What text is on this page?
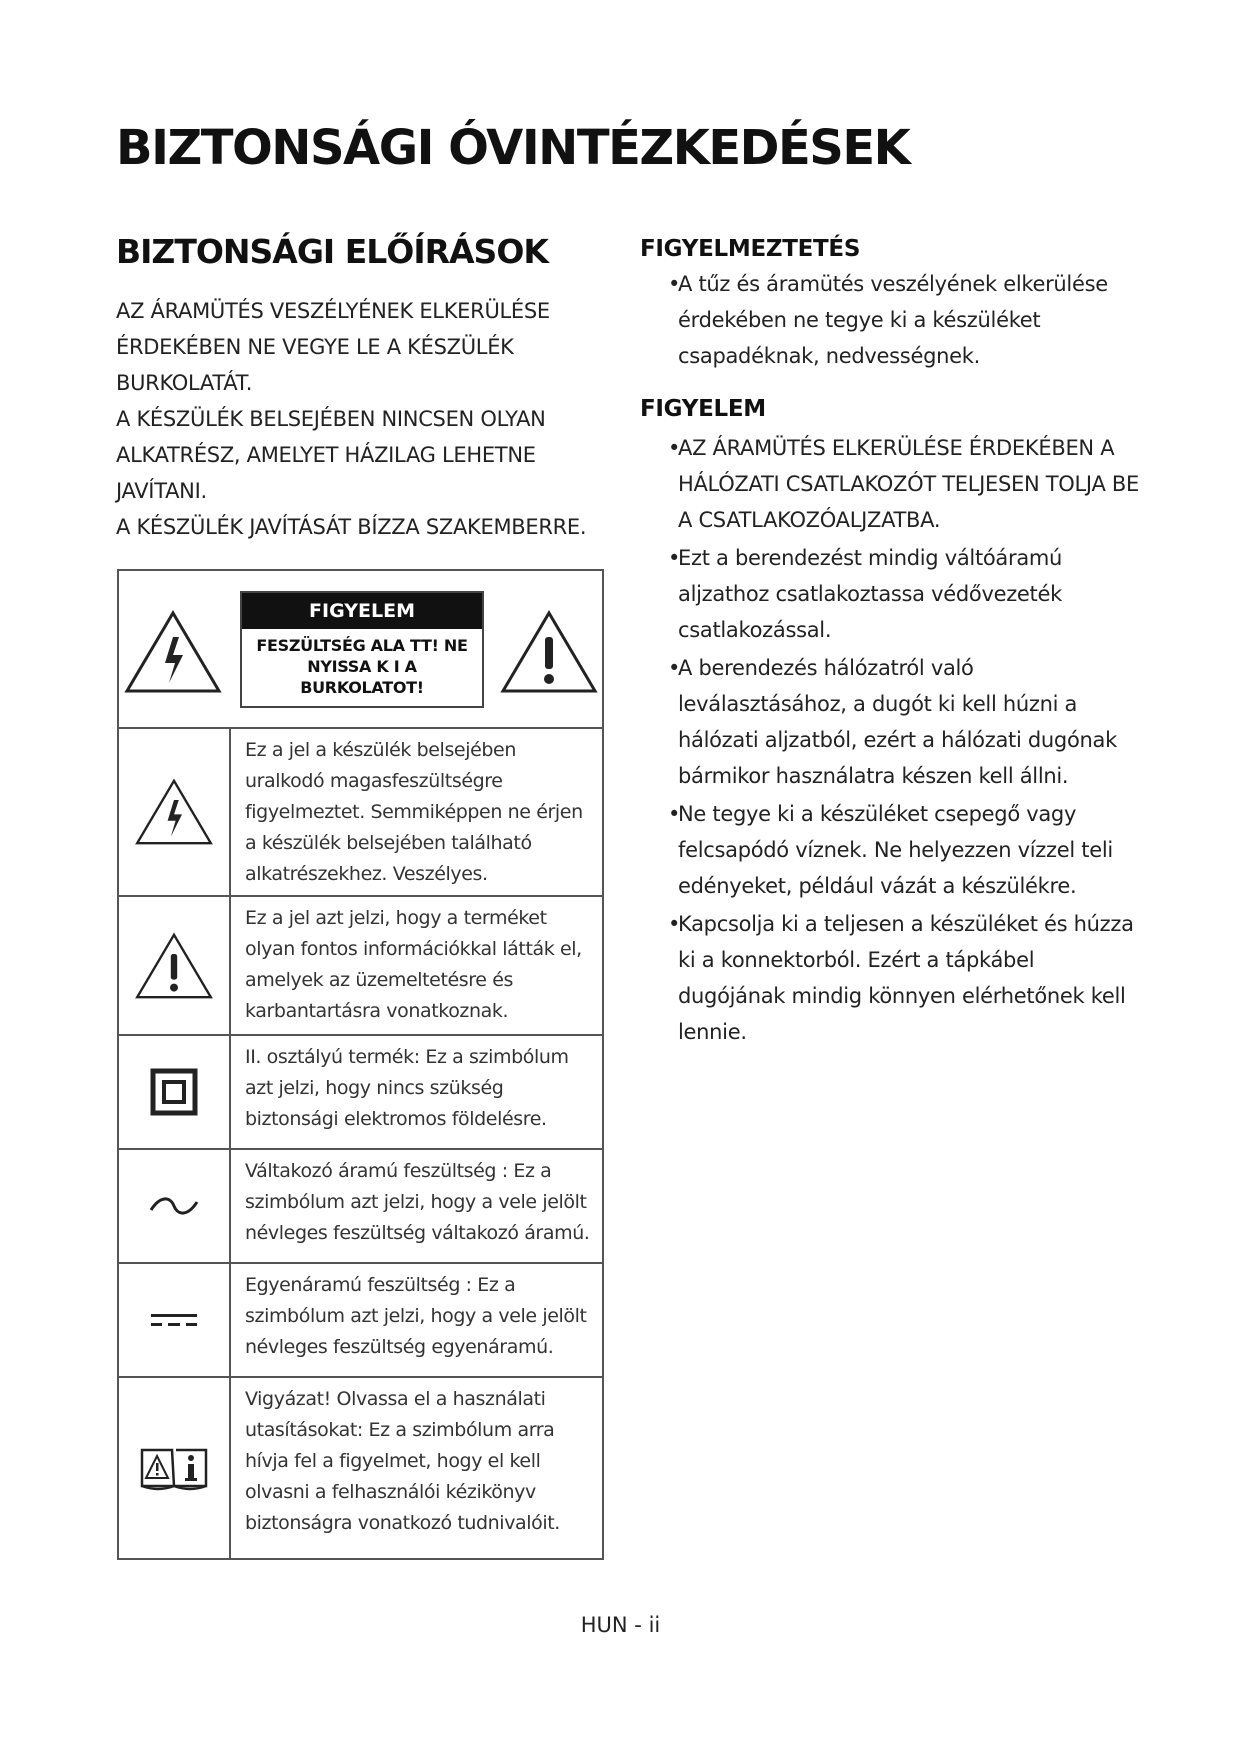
BIZTONSÁGI ÓVINTÉZKEDÉSEK
BIZTONSÁGI ELŐÍRÁSOK

AZ ÁRAMÜTÉS VESZÉLYÉNEK ELKERÜLÉSE ÉRDEKÉBEN NE VEGYE LE A KÉSZÜLÉK BURKOLATÁT.

A KÉSZÜLÉK BELSEJÉBEN NINCSEN OLYAN ALKATRÉSZ, AMELYET HÁZILAG LEHETNE JAVÍTANI.

A KÉSZÜLÉK JAVÍTÁSÁT BÍZZA SZAKEMBERRE.

FIGYELEM
FESZÜLTSÉG ALA TT! NE NYISSA K I A BURKOLATOT!
Ez a jel a készülék belsejében uralkodó magasfeszültségre figyelmeztet. Semmiképpen ne érjen a készülék belsejében található alkatrészekhez. Veszélyes.
Ez a jel azt jelzi, hogy a terméket olyan fontos információkkal látták el, amelyek az üzemeltetésre és karbantartásra vonatkoznak.
II. osztályú termék: Ez a szimbólum azt jelzi, hogy nincs szükség biztonsági elektromos földelésre.
Váltakozó áramú feszültség : Ez a szimbólum azt jelzi, hogy a vele jelölt névleges feszültség váltakozó áramú.
Egyenáramú feszültség : Ez a szimbólum azt jelzi, hogy a vele jelölt névleges feszültség egyenáramú.
Vigyázat! Olvassa el a használati utasításokat: Ez a szimbólum arra hívja fel a figyelmet, hogy el kell olvasni a felhasználói kézikönyv biztonságra vonatkozó tudnivalóit.
FIGYELMEZTETÉS
• A tűz és áramütés veszélyének elkerülése érdekében ne tegye ki a készüléket csapadéknak, nedvességnek.
FIGYELEM
• AZ ÁRAMÜTÉS ELKERÜLÉSE ÉRDEKÉBEN A HÁLÓZATI CSATLAKOZÓT TELJESEN TOLJA BE A CSATLAKOZÓALJZATBA.
• Ezt a berendezést mindig váltóáramú aljzathoz csatlakoztassa védővezeték csatlakozással.
• A berendezés hálózatról való leválasztásához, a dugót ki kell húzni a hálózati aljzatból, ezért a hálózati dugónak bármikor használatra készen kell állni.
• Ne tegye ki a készüléket csepegő vagy felcsapódó víznek. Ne helyezzen vízzel teli edényeket, például vázát a készülékre.
• Kapcsolja ki a teljesen a készüléket és húzza ki a konnektorból. Ezért a tápkábel dugójának mindig könnyen elérhetőnek kell lennie.
HUN - ii
